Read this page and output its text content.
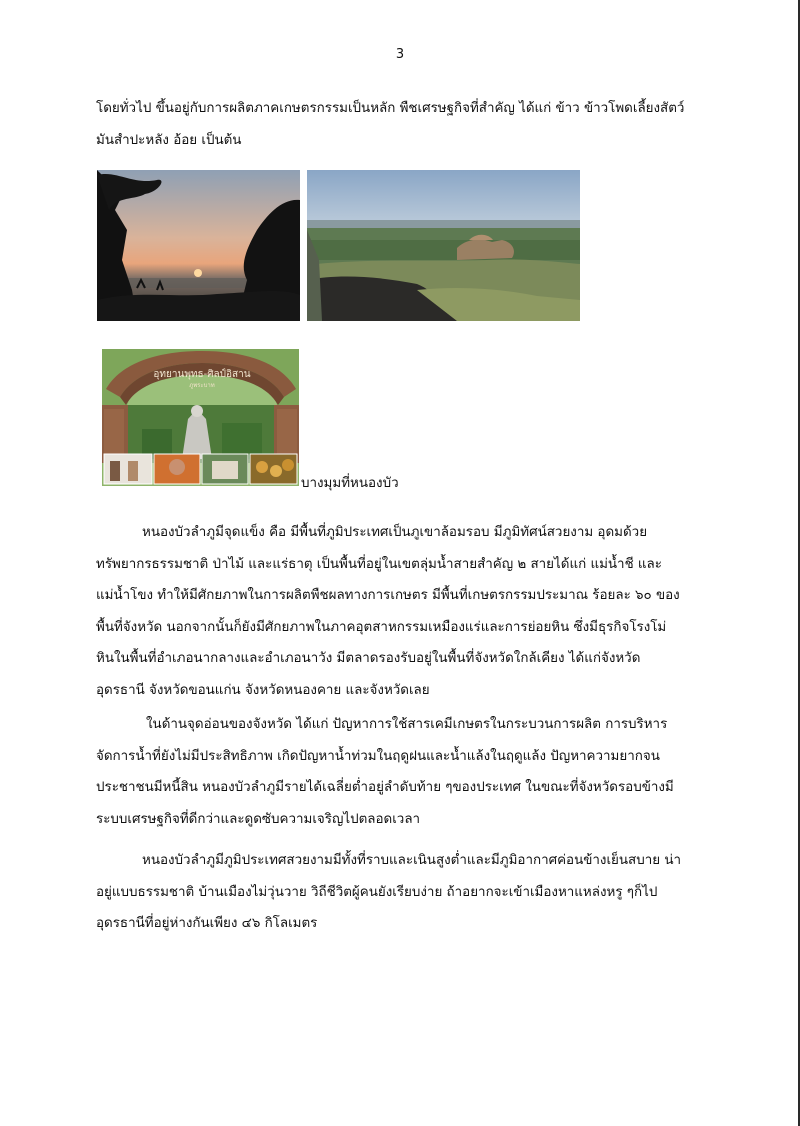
3
โดยทั่วไป ขึ้นอยู่กับการผลิตภาคเกษตรกรรมเป็นหลัก พืชเศรษฐกิจที่สำคัญ ได้แก่ ข้าว ข้าวโพดเลี้ยงสัตว์
มันสำปะหลัง อ้อย เป็นต้น
อุทยานพุทธ-ศิลป์อิสาน
ภูพระบาท
บางมุมที่หนองบัว
หนองบัวลำภูมีจุดแข็ง คือ มีพื้นที่ภูมิประเทศเป็นภูเขาล้อมรอบ มีภูมิทัศน์สวยงาม อุดมด้วย
ทรัพยากรธรรมชาติ ป่าไม้ และแร่ธาตุ เป็นพื้นที่อยู่ในเขตลุ่มน้ำสายสำคัญ ๒ สายได้แก่ แม่น้ำชี และ
แม่น้ำโขง ทำให้มีศักยภาพในการผลิตพืชผลทางการเกษตร มีพื้นที่เกษตรกรรมประมาณ ร้อยละ ๖๐ ของ
พื้นที่จังหวัด นอกจากนั้นก็ยังมีศักยภาพในภาคอุตสาหกรรมเหมืองแร่และการย่อยหิน ซึ่งมีธุรกิจโรงโม่
หินในพื้นที่อำเภอนากลางและอำเภอนาวัง มีตลาดรองรับอยู่ในพื้นที่จังหวัดใกล้เคียง ได้แก่จังหวัด
อุดรธานี จังหวัดขอนแก่น จังหวัดหนองคาย และจังหวัดเลย
ในด้านจุดอ่อนของจังหวัด ได้แก่ ปัญหาการใช้สารเคมีเกษตรในกระบวนการผลิต การบริหาร
จัดการน้ำที่ยังไม่มีประสิทธิภาพ เกิดปัญหาน้ำท่วมในฤดูฝนและน้ำแล้งในฤดูแล้ง ปัญหาความยากจน
ประชาชนมีหนี้สิน หนองบัวลำภูมีรายได้เฉลี่ยต่ำอยู่ลำดับท้าย ๆของประเทศ ในขณะที่จังหวัดรอบข้างมี
ระบบเศรษฐกิจที่ดีกว่าและดูดซับความเจริญไปตลอดเวลา
หนองบัวลำภูมีภูมิประเทศสวยงามมีทั้งที่ราบและเนินสูงต่ำและมีภูมิอากาศค่อนข้างเย็นสบาย น่า
อยู่แบบธรรมชาติ บ้านเมืองไม่วุ่นวาย วิถีชีวิตผู้คนยังเรียบง่าย ถ้าอยากจะเข้าเมืองหาแหล่งหรู ๆก็ไป
อุดรธานีที่อยู่ห่างกันเพียง ๔๖ กิโลเมตร
